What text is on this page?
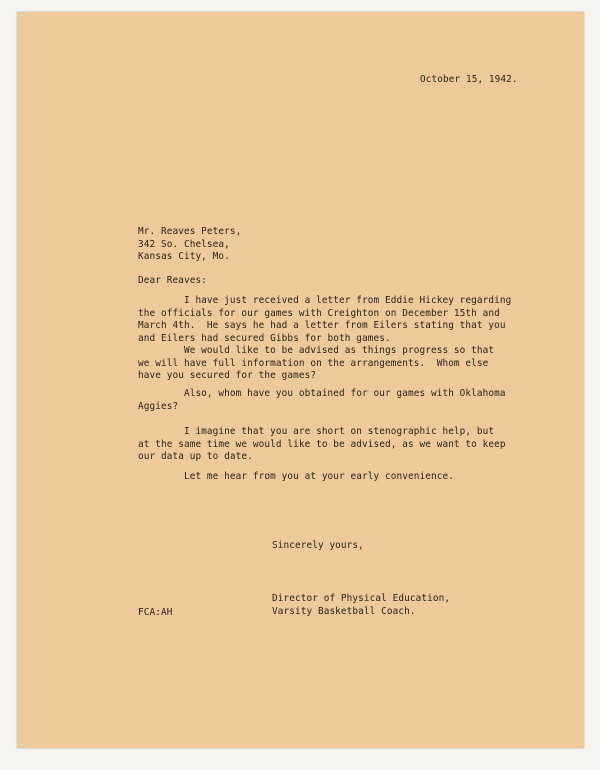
October 15, 1942.
Mr. Reaves Peters,
342 So. Chelsea,
Kansas City, Mo.
Dear Reaves:
I have just received a letter from Eddie Hickey regarding
the officials for our games with Creighton on December 15th and
March 4th.  He says he had a letter from Eilers stating that you
and Eilers had secured Gibbs for both games.
We would like to be advised as things progress so that
we will have full information on the arrangements.  Whom else
have you secured for the games?
Also, whom have you obtained for our games with Oklahoma
Aggies?
I imagine that you are short on stenographic help, but
at the same time we would like to be advised, as we want to keep
our data up to date.
Let me hear from you at your early convenience.
Sincerely yours,
Director of Physical Education,
Varsity Basketball Coach.
FCA:AH
